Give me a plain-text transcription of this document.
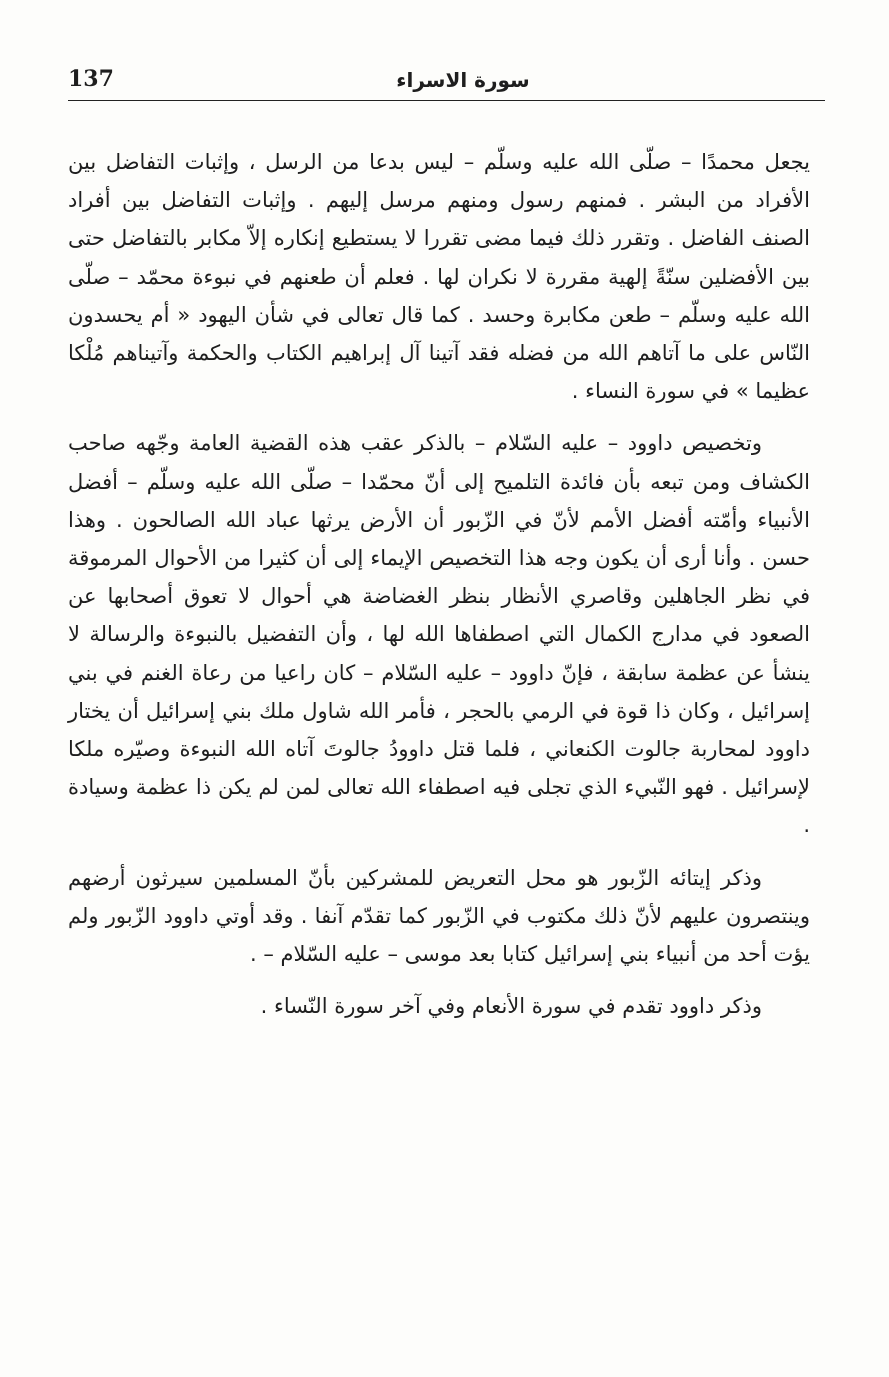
137	سورة الاسراء

يجعل محمدًا – صلّى الله عليه وسلّم – ليس بدعا من الرسل ، وإثبات التفاضل بين الأفراد من البشر . فمنهم رسول ومنهم مرسل إليهم . وإثبات التفاضل بين أفراد الصنف الفاضل . وتقرر ذلك فيما مضى تقررا لا يستطيع إنكاره إلاّ مكابر بالتفاضل حتى بين الأفضلين سنّةً إلهية مقررة لا نكران لها . فعلم أن طعنهم في نبوءة محمّد – صلّى الله عليه وسلّم – طعن مكابرة وحسد . كما قال تعالى في شأن اليهود « أم يحسدون النّاس على ما آتاهم الله من فضله فقد آتينا آل إبراهيم الكتاب والحكمة وآتيناهم مُلْكا عظيما » في سورة النساء .

وتخصيص داوود – عليه السّلام – بالذكر عقب هذه القضية العامة وجّهه صاحب الكشاف ومن تبعه بأن فائدة التلميح إلى أنّ محمّدا – صلّى الله عليه وسلّم – أفضل الأنبياء وأمّته أفضل الأمم لأنّ في الزّبور أن الأرض يرثها عباد الله الصالحون . وهذا حسن . وأنا أرى أن يكون وجه هذا التخصيص الإيماء إلى أن كثيرا من الأحوال المرموقة في نظر الجاهلين وقاصري الأنظار بنظر الغضاضة هي أحوال لا تعوق أصحابها عن الصعود في مدارج الكمال التي اصطفاها الله لها ، وأن التفضيل بالنبوءة والرسالة لا ينشأ عن عظمة سابقة ، فإنّ داوود – عليه السّلام – كان راعيا من رعاة الغنم في بني إسرائيل ، وكان ذا قوة في الرمي بالحجر ، فأمر الله شاول ملك بني إسرائيل أن يختار داوود لمحاربة جالوت الكنعاني ، فلما قتل داوودُ جالوتَ آتاه الله النبوءة وصيّره ملكا لإسرائيل . فهو النّبيء الذي تجلى فيه اصطفاء الله تعالى لمن لم يكن ذا عظمة وسيادة .

وذكر إيتائه الزّبور هو محل التعريض للمشركين بأنّ المسلمين سيرثون أرضهم وينتصرون عليهم لأنّ ذلك مكتوب في الزّبور كما تقدّم آنفا . وقد أوتي داوود الزّبور ولم يؤت أحد من أنبياء بني إسرائيل كتابا بعد موسى – عليه السّلام – .

وذكر داوود تقدم في سورة الأنعام وفي آخر سورة النّساء .
